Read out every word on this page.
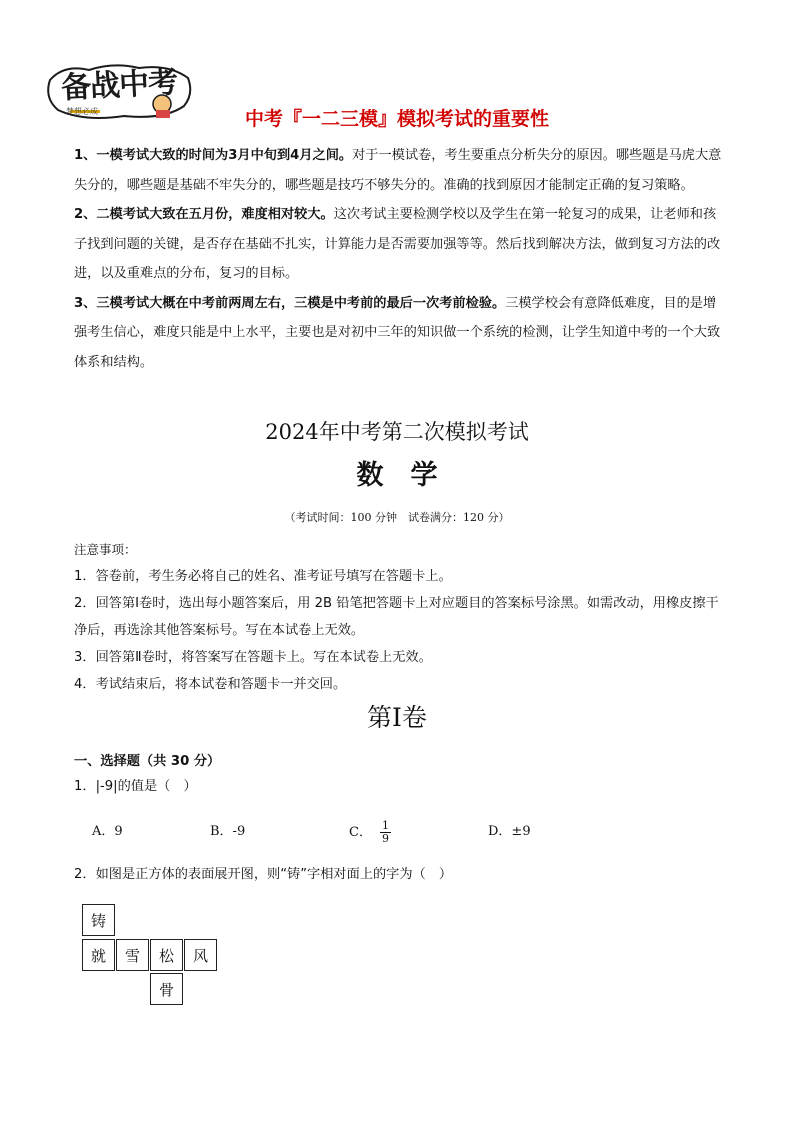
备战中考
梦想必成	中考『一二三模』模拟考试的重要性

1、一模考试大致的时间为3月中旬到4月之间。对于一模试卷，考生要重点分析失分的原因。哪些题是马虎大意失分的，哪些题是基础不牢失分的，哪些题是技巧不够失分的。准确的找到原因才能制定正确的复习策略。

2、二模考试大致在五月份，难度相对较大。这次考试主要检测学校以及学生在第一轮复习的成果，让老师和孩子找到问题的关键，是否存在基础不扎实，计算能力是否需要加强等等。然后找到解决方法，做到复习方法的改进，以及重难点的分布，复习的目标。

3、三模考试大概在中考前两周左右，三模是中考前的最后一次考前检验。三模学校会有意降低难度，目的是增强考生信心，难度只能是中上水平，主要也是对初中三年的知识做一个系统的检测，让学生知道中考的一个大致体系和结构。

2024年中考第二次模拟考试
数　学
（考试时间：100 分钟　试卷满分：120 分）

注意事项：

1．答卷前，考生务必将自己的姓名、准考证号填写在答题卡上。

2．回答第Ⅰ卷时，选出每小题答案后，用 2B 铅笔把答题卡上对应题目的答案标号涂黑。如需改动，用橡皮擦干净后，再选涂其他答案标号。写在本试卷上无效。

3．回答第Ⅱ卷时，将答案写在答题卡上。写在本试卷上无效。

4．考试结束后，将本试卷和答题卡一并交回。

第Ⅰ卷
一、选择题（共 30 分）
1．|-9|的值是（　）
A．9	B．-9	C． $\frac{1}{9}$	D．±9
2．如图是正方体的表面展开图，则“铸”字相对面上的字为（　）
铸
就	雪	松	风
骨
